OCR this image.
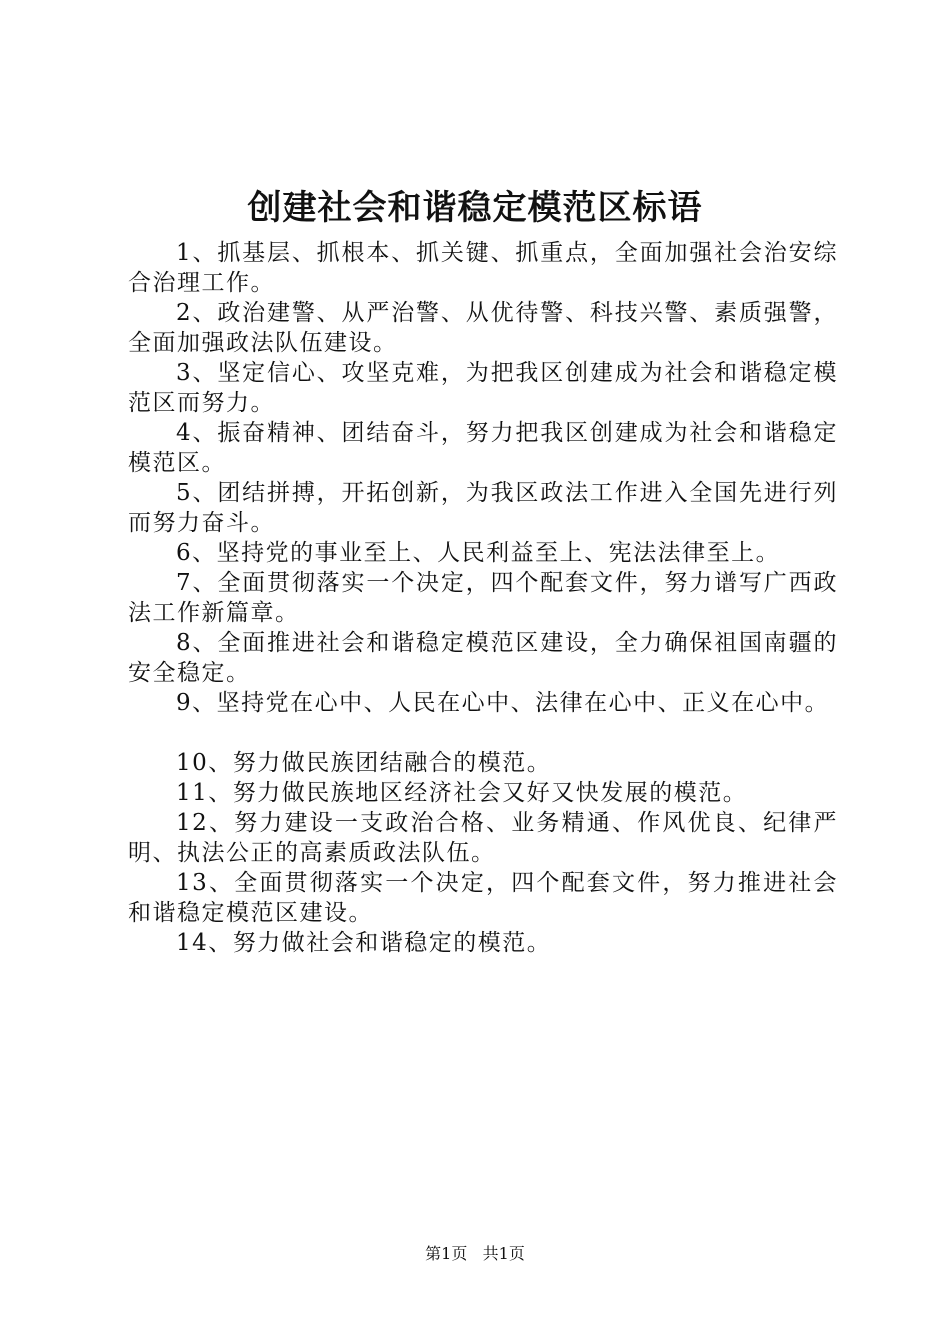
创建社会和谐稳定模范区标语

1、抓基层、抓根本、抓关键、抓重点，全面加强社会治安综合治理工作。

2、政治建警、从严治警、从优待警、科技兴警、素质强警，全面加强政法队伍建设。

3、坚定信心、攻坚克难，为把我区创建成为社会和谐稳定模范区而努力。

4、振奋精神、团结奋斗，努力把我区创建成为社会和谐稳定模范区。

5、团结拼搏，开拓创新，为我区政法工作进入全国先进行列而努力奋斗。

6、坚持党的事业至上、人民利益至上、宪法法律至上。

7、全面贯彻落实一个决定，四个配套文件，努力谱写广西政法工作新篇章。

8、全面推进社会和谐稳定模范区建设，全力确保祖国南疆的安全稳定。

9、坚持党在心中、人民在心中、法律在心中、正义在心中。

10、努力做民族团结融合的模范。

11、努力做民族地区经济社会又好又快发展的模范。

12、努力建设一支政治合格、业务精通、作风优良、纪律严明、执法公正的高素质政法队伍。

13、全面贯彻落实一个决定，四个配套文件，努力推进社会和谐稳定模范区建设。

14、努力做社会和谐稳定的模范。

第1页 共1页
